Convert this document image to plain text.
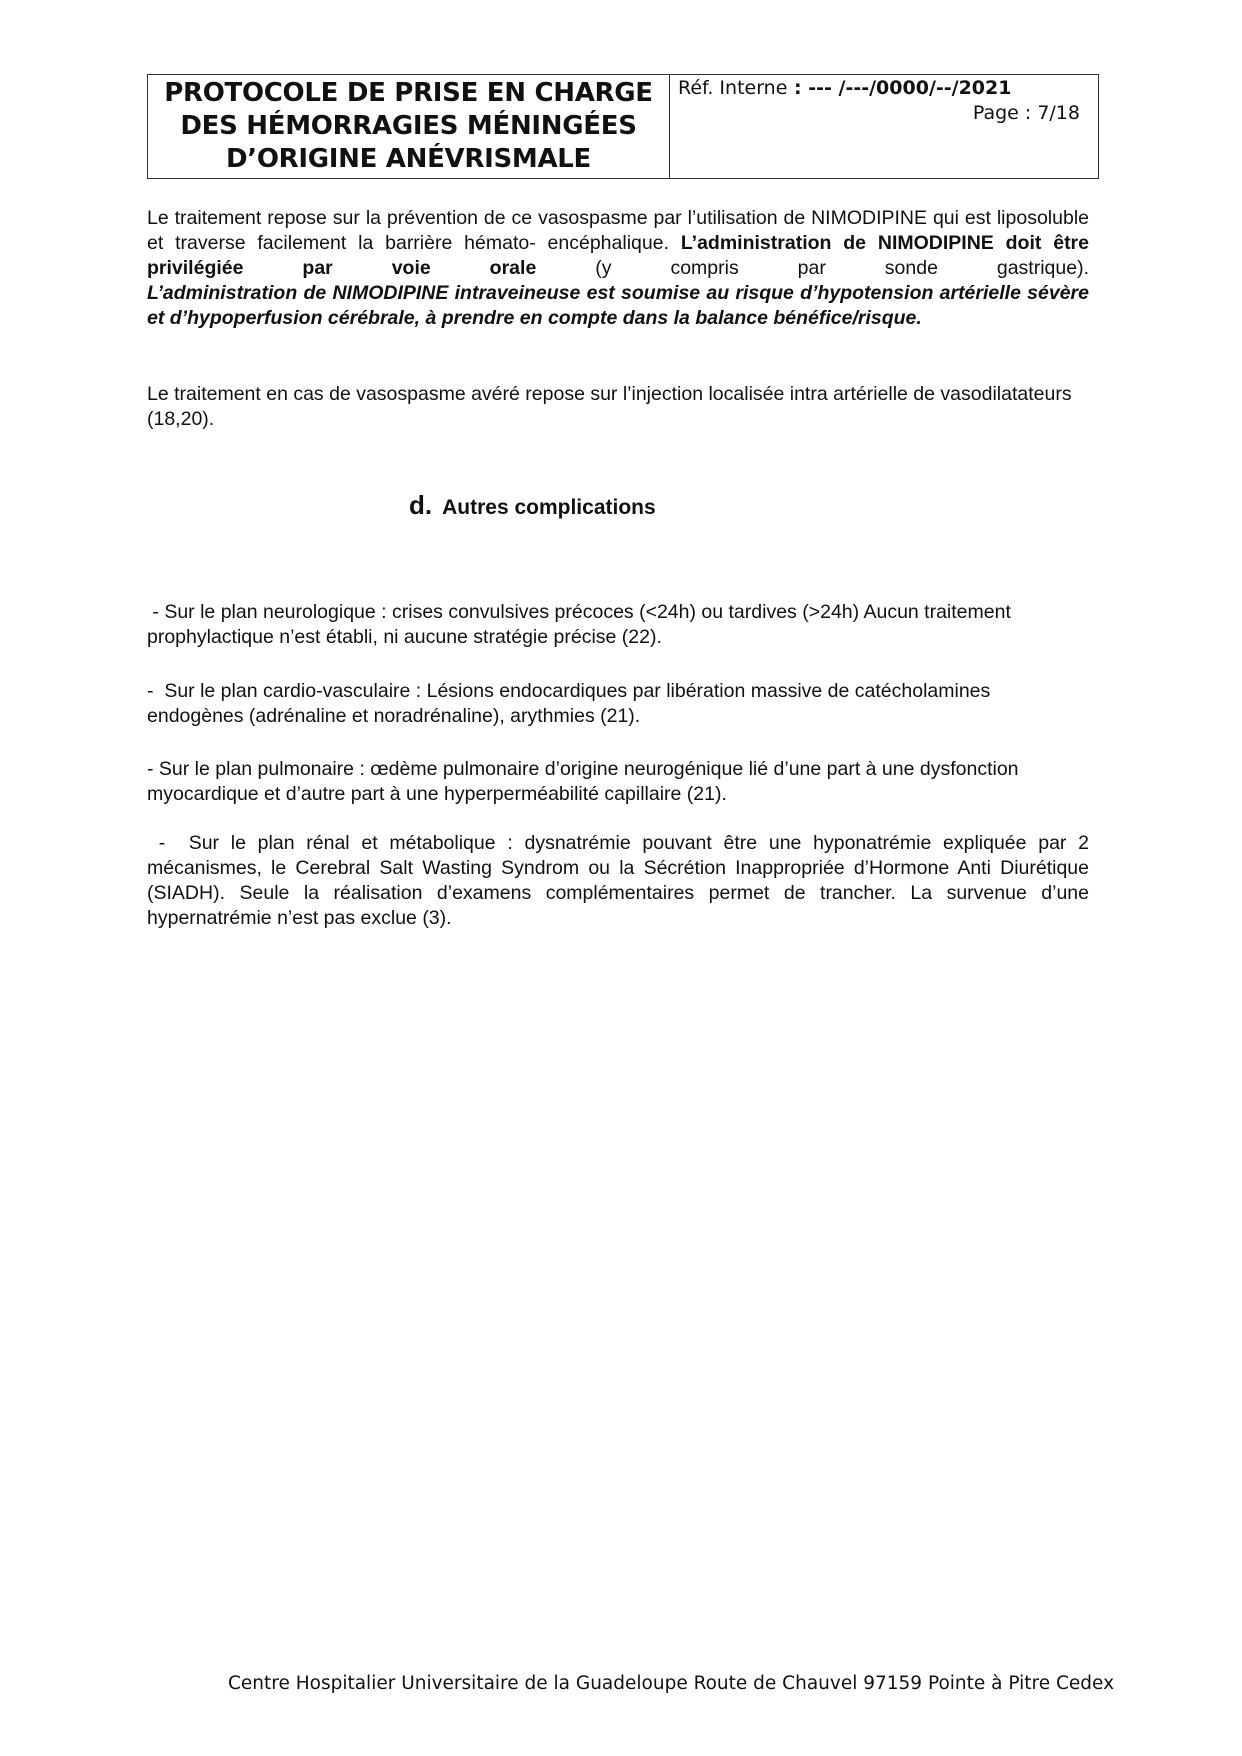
PROTOCOLE DE PRISE EN CHARGE
DES HÉMORRAGIES MÉNINGÉES
D’ORIGINE ANÉVRISMALE
Réf. Interne : --- /---/0000/--/2021
Page : 7/18

Le traitement repose sur la prévention de ce vasospasme par l’utilisation de NIMODIPINE qui est liposoluble et traverse facilement la barrière hémato- encéphalique. L’administration de NIMODIPINE doit être privilégiée par voie orale (y compris par sonde gastrique).

L’administration de NIMODIPINE intraveineuse est soumise au risque d’hypotension artérielle sévère et d’hypoperfusion cérébrale, à prendre en compte dans la balance bénéfice/risque.

Le traitement en cas de vasospasme avéré repose sur l’injection localisée intra artérielle de vasodilatateurs (18,20).

d. Autres complications

- Sur le plan neurologique : crises convulsives précoces (<24h) ou tardives (>24h) Aucun traitement prophylactique n’est établi, ni aucune stratégie précise (22).

-  Sur le plan cardio-vasculaire : Lésions endocardiques par libération massive de catécholamines endogènes (adrénaline et noradrénaline), arythmies (21).

- Sur le plan pulmonaire : œdème pulmonaire d’origine neurogénique lié d’une part à une dysfonction myocardique et d’autre part à une hyperperméabilité capillaire (21).

-  Sur le plan rénal et métabolique : dysnatrémie pouvant être une hyponatrémie expliquée par 2 mécanismes, le Cerebral Salt Wasting Syndrom ou la Sécrétion Inappropriée d’Hormone Anti Diurétique (SIADH). Seule la réalisation d’examens complémentaires permet de trancher. La survenue d’une hypernatrémie n’est pas exclue (3).

Centre Hospitalier Universitaire de la Guadeloupe Route de Chauvel 97159 Pointe à Pitre Cedex
